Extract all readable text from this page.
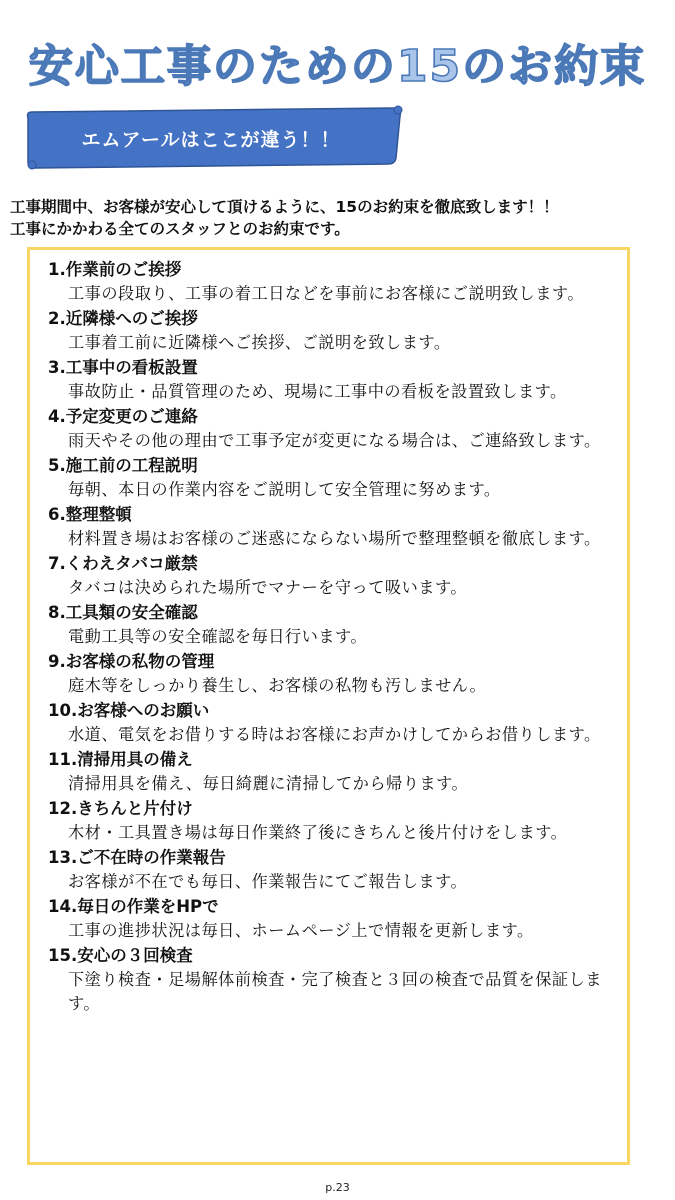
安心工事のための15のお約束
エムアールはここが違う！！

工事期間中、お客様が安心して頂けるように、15のお約束を徹底致します！！

工事にかかわる全てのスタッフとのお約束です。

1.作業前のご挨拶

工事の段取り、工事の着工日などを事前にお客様にご説明致します。

2.近隣様へのご挨拶

工事着工前に近隣様へご挨拶、ご説明を致します。

3.工事中の看板設置

事故防止・品質管理のため、現場に工事中の看板を設置致します。

4.予定変更のご連絡

雨天やその他の理由で工事予定が変更になる場合は、ご連絡致します。

5.施工前の工程説明

毎朝、本日の作業内容をご説明して安全管理に努めます。

6.整理整頓

材料置き場はお客様のご迷惑にならない場所で整理整頓を徹底します。

7.くわえタバコ厳禁

タバコは決められた場所でマナーを守って吸います。

8.工具類の安全確認

電動工具等の安全確認を毎日行います。

9.お客様の私物の管理

庭木等をしっかり養生し、お客様の私物も汚しません。

10.お客様へのお願い

水道、電気をお借りする時はお客様にお声かけしてからお借りします。

11.清掃用具の備え

清掃用具を備え、毎日綺麗に清掃してから帰ります。

12.きちんと片付け

木材・工具置き場は毎日作業終了後にきちんと後片付けをします。

13.ご不在時の作業報告

お客様が不在でも毎日、作業報告にてご報告します。

14.毎日の作業をHPで

工事の進捗状況は毎日、ホームページ上で情報を更新します。

15.安心の３回検査

下塗り検査・足場解体前検査・完了検査と３回の検査で品質を保証します。

p.23
